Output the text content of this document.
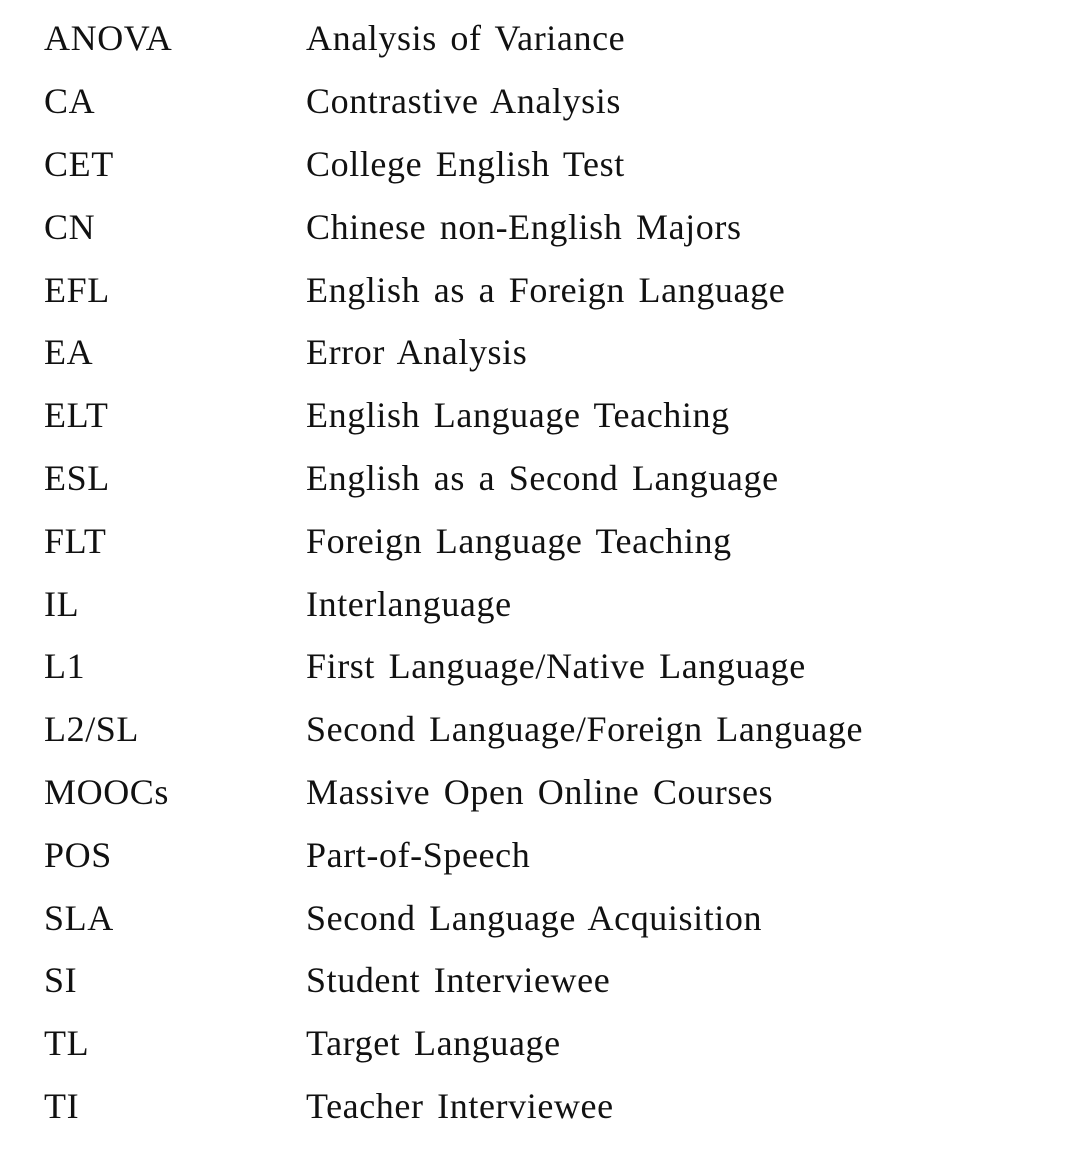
ANOVA	Analysis of Variance
CA	Contrastive Analysis
CET	College English Test
CN	Chinese non-English Majors
EFL	English as a Foreign Language
EA	Error Analysis
ELT	English Language Teaching
ESL	English as a Second Language
FLT	Foreign Language Teaching
IL	Interlanguage
L1	First Language/Native Language
L2/SL	Second Language/Foreign Language
MOOCs	Massive Open Online Courses
POS	Part-of-Speech
SLA	Second Language Acquisition
SI	Student Interviewee
TL	Target Language
TI	Teacher Interviewee
